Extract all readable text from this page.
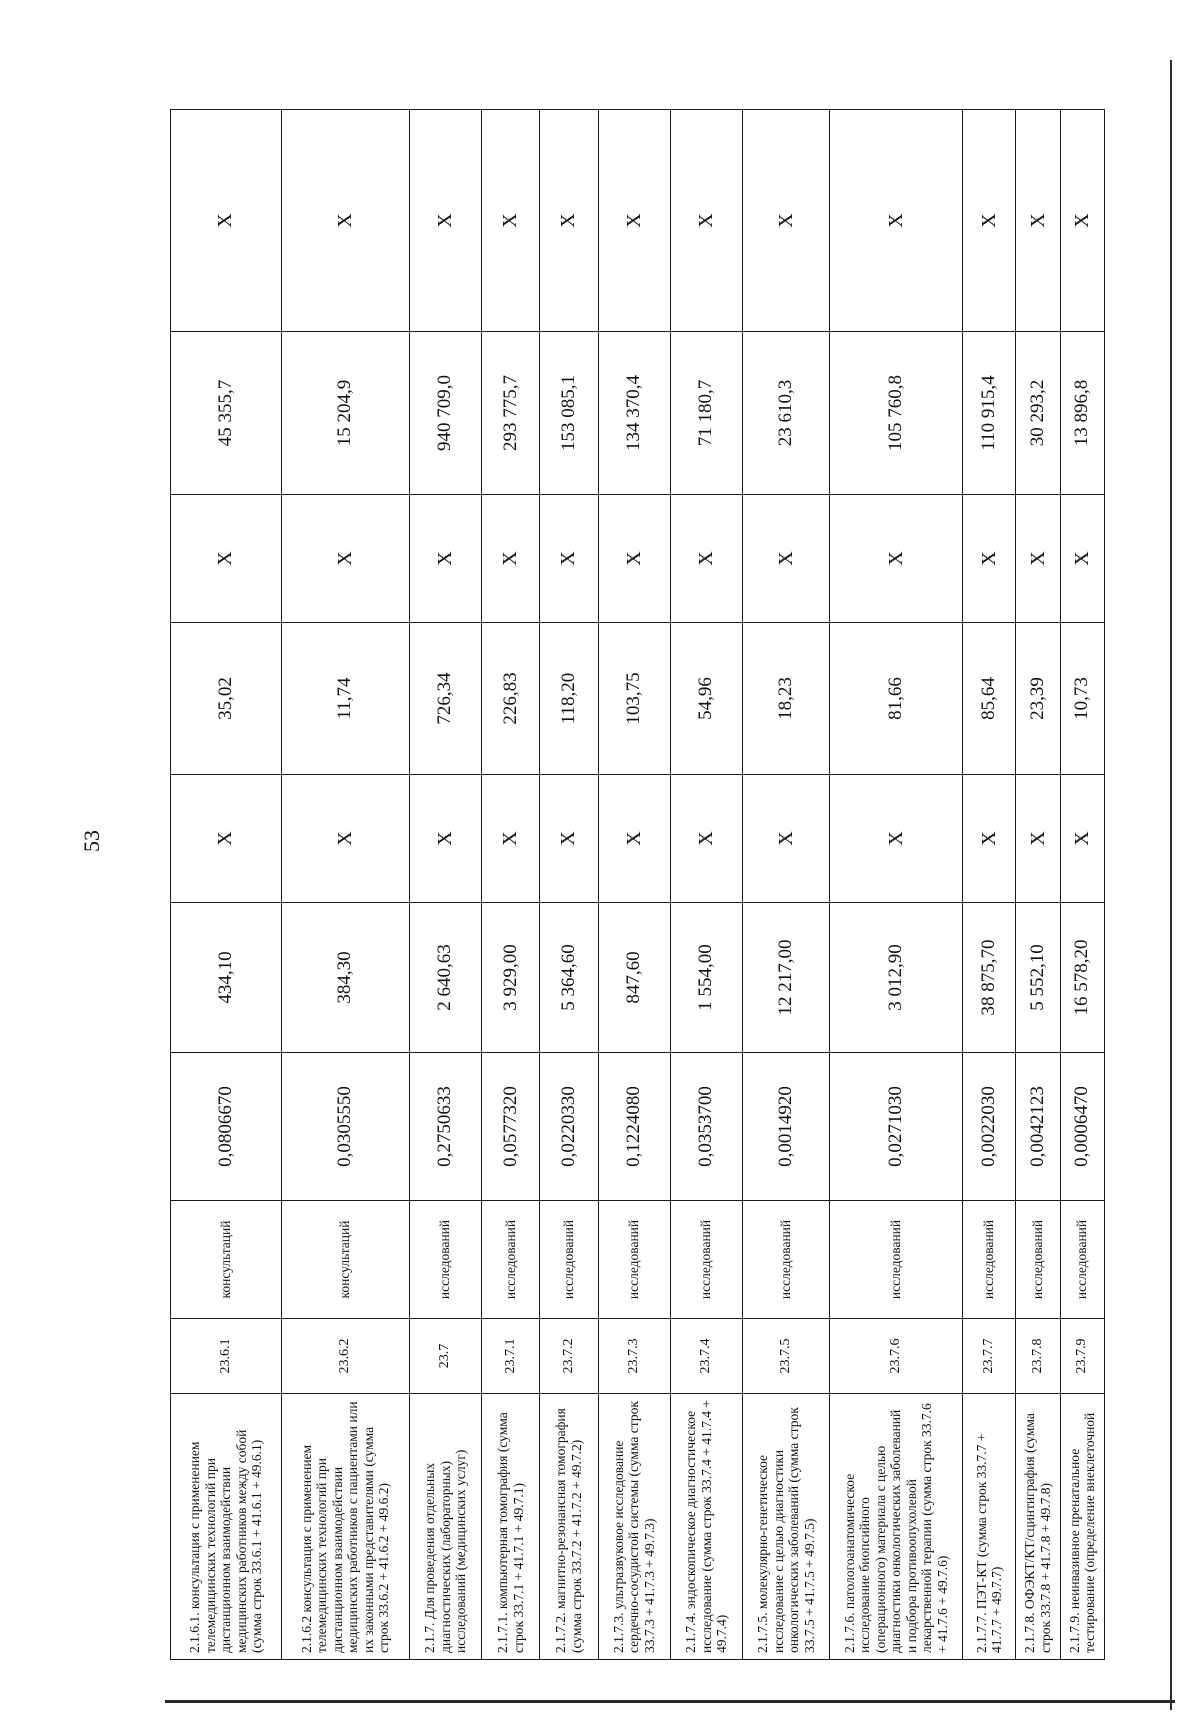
53
2.1.6.1. консультация с применением телемедицинских технологий при дистанционном взаимодействии медицинских работников между собой (сумма строк 33.6.1 + 41.6.1 + 49.6.1)	23.6.1	консультаций	0,0806670	434,10	X	35,02	X	45 355,7	X
2.1.6.2 консультация с применением телемедицинских технологий при дистанционном взаимодействии медицинских работников с пациентами или их законными представителями (сумма строк 33.6.2 + 41.6.2 + 49.6.2)	23.6.2	консультаций	0,0305550	384,30	X	11,74	X	15 204,9	X
2.1.7. Для проведения отдельных диагностических (лабораторных) исследований (медицинских услуг)	23.7	исследований	0,2750633	2 640,63	X	726,34	X	940 709,0	X
2.1.7.1. компьютерная томография (сумма строк 33.7.1 + 41.7.1 + 49.7.1)	23.7.1	исследований	0,0577320	3 929,00	X	226,83	X	293 775,7	X
2.1.7.2. магнитно-резонансная томография (сумма строк 33.7.2 + 41.7.2 + 49.7.2)	23.7.2	исследований	0,0220330	5 364,60	X	118,20	X	153 085,1	X
2.1.7.3. ультразвуковое исследование сердечно-сосудистой системы (сумма строк 33.7.3 + 41.7.3 + 49.7.3)	23.7.3	исследований	0,1224080	847,60	X	103,75	X	134 370,4	X
2.1.7.4. эндоскопическое диагностическое исследование (сумма строк 33.7.4 + 41.7.4 + 49.7.4)	23.7.4	исследований	0,0353700	1 554,00	X	54,96	X	71 180,7	X
2.1.7.5. молекулярно-генетическое исследование с целью диагностики онкологических заболеваний (сумма строк 33.7.5 + 41.7.5 + 49.7.5)	23.7.5	исследований	0,0014920	12 217,00	X	18,23	X	23 610,3	X
2.1.7.6. патологоанатомическое исследование биопсийного (операционного) материала с целью диагностики онкологических заболеваний и подбора противоопухолевой лекарственной терапии (сумма строк 33.7.6 + 41.7.6 + 49.7.6)	23.7.6	исследований	0,0271030	3 012,90	X	81,66	X	105 760,8	X
2.1.7.7. ПЭТ-КТ (сумма строк 33.7.7 + 41.7.7 + 49.7.7)	23.7.7	исследований	0,0022030	38 875,70	X	85,64	X	110 915,4	X
2.1.7.8. ОФЭКТ/КТ/сцинтиграфия (сумма строк 33.7.8 + 41.7.8 + 49.7.8)	23.7.8	исследований	0,0042123	5 552,10	X	23,39	X	30 293,2	X
2.1.7.9. неинвазивное пренатальное тестирование (определение внеклеточной	23.7.9	исследований	0,0006470	16 578,20	X	10,73	X	13 896,8	X
